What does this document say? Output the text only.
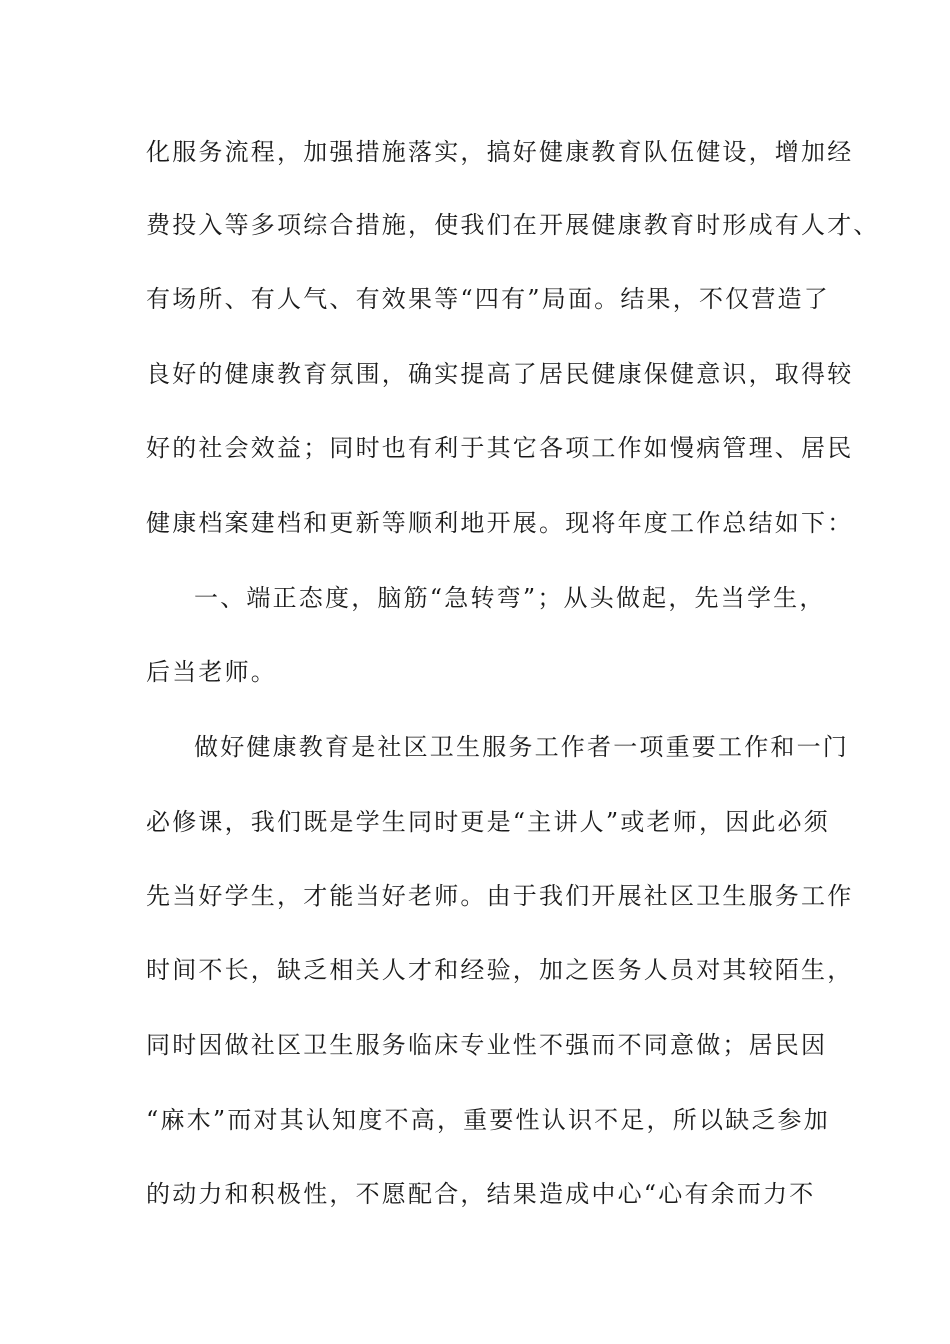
化服务流程，加强措施落实，搞好健康教育队伍健设，增加经
费投入等多项综合措施，使我们在开展健康教育时形成有人才、
有场所、有人气、有效果等“四有”局面。结果，不仅营造了
良好的健康教育氛围，确实提高了居民健康保健意识，取得较
好的社会效益；同时也有利于其它各项工作如慢病管理、居民
健康档案建档和更新等顺利地开展。现将年度工作总结如下：
一、端正态度，脑筋“急转弯”；从头做起，先当学生，
后当老师。
做好健康教育是社区卫生服务工作者一项重要工作和一门
必修课，我们既是学生同时更是“主讲人”或老师，因此必须
先当好学生，才能当好老师。由于我们开展社区卫生服务工作
时间不长，缺乏相关人才和经验，加之医务人员对其较陌生，
同时因做社区卫生服务临床专业性不强而不同意做；居民因
“麻木”而对其认知度不高，重要性认识不足，所以缺乏参加
的动力和积极性，不愿配合，结果造成中心“心有余而力不
